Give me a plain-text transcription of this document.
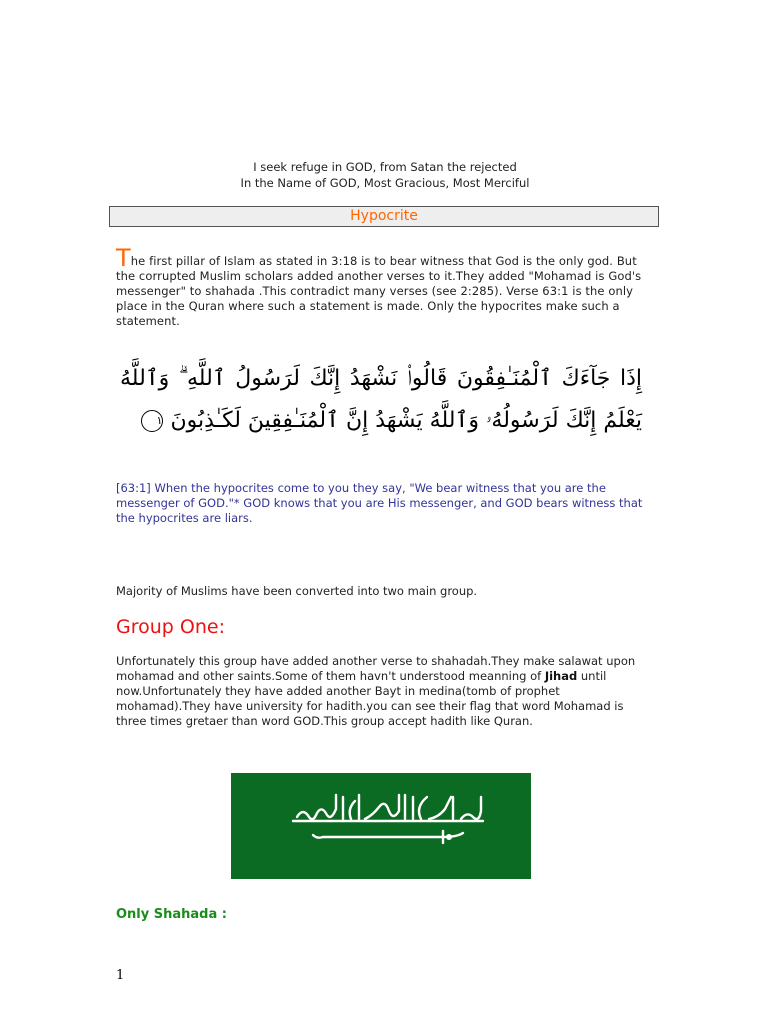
I seek refuge in GOD, from Satan the rejected
In the Name of GOD, Most Gracious, Most Merciful
Hypocrite
The first pillar of Islam as stated in 3:18 is to bear witness that God is the only god. But the corrupted Muslim scholars added another verses to it.They added "Mohamad is God's messenger" to shahada .This contradict many verses (see 2:285). Verse 63:1 is the only place in the Quran where such a statement is made. Only the hypocrites make such a statement.
إِذَا جَآءَكَ ٱلْمُنَـٰفِقُونَ قَالُوا۟ نَشْهَدُ إِنَّكَ لَرَسُولُ ٱللَّهِ ۗ وَٱللَّهُ يَعْلَمُ إِنَّكَ لَرَسُولُهُۥ وَٱللَّهُ يَشْهَدُ إِنَّ ٱلْمُنَـٰفِقِينَ لَكَـٰذِبُونَ ١
[63:1] When the hypocrites come to you they say, "We bear witness that you are the messenger of GOD."* GOD knows that you are His messenger, and GOD bears witness that the hypocrites are liars.
Majority of Muslims have been converted into two main group.
Group One:
Unfortunately this group have added another verse to shahadah.They make salawat upon mohamad and other saints.Some of them havn't understood meanning of Jihad until now.Unfortunately they have added another Bayt in medina(tomb of prophet mohamad).They have university for hadith.you can see their flag that word Mohamad is three times gretaer than word GOD.This group accept hadith like Quran.
Only Shahada :
1
